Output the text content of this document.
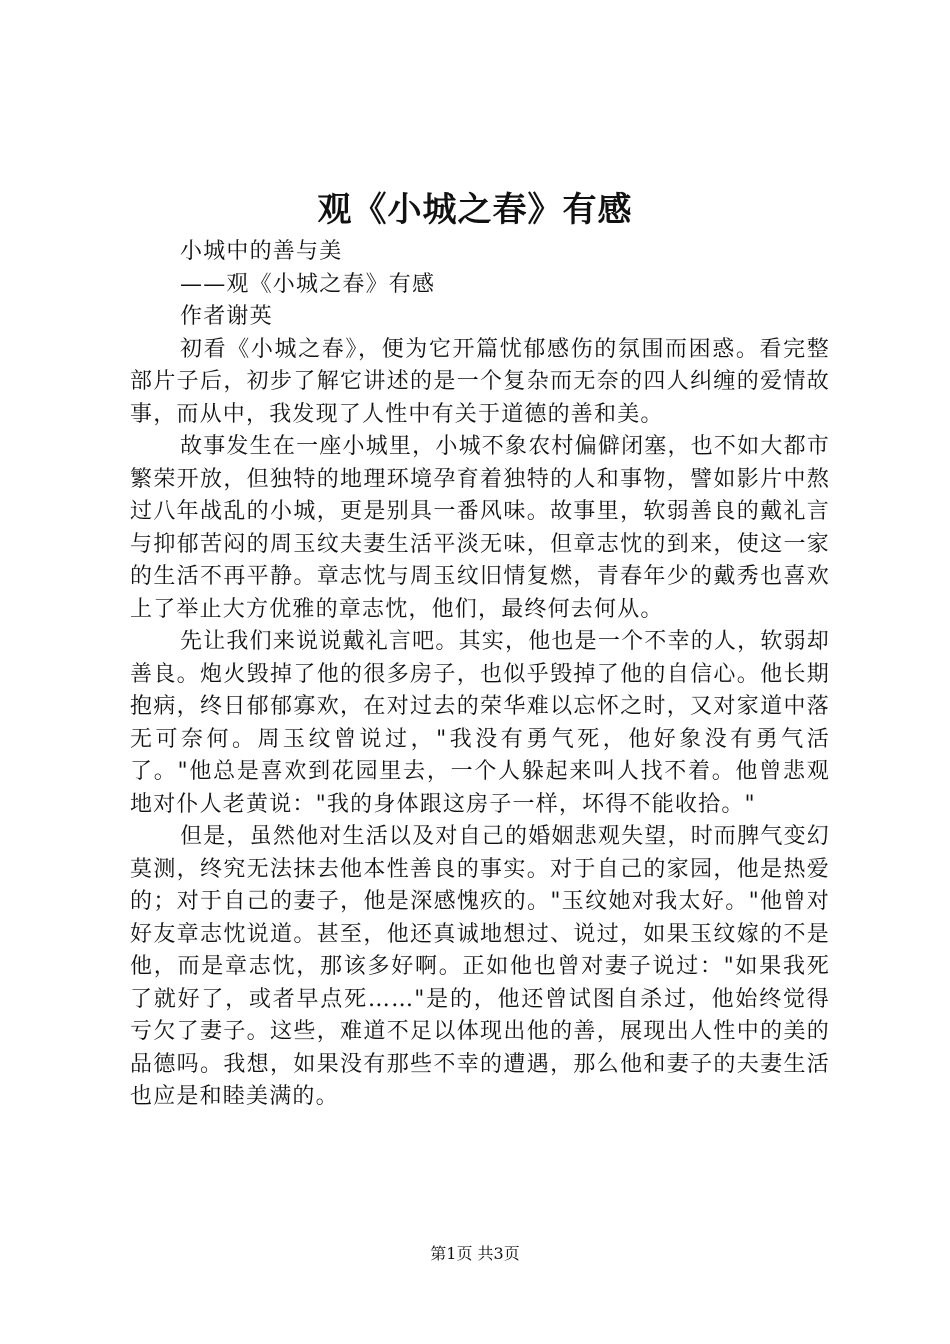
观《小城之春》有感

小城中的善与美

——观《小城之春》有感

作者谢英

初看《小城之春》，便为它开篇忧郁感伤的氛围而困惑。看完整部片子后，初步了解它讲述的是一个复杂而无奈的四人纠缠的爱情故事，而从中，我发现了人性中有关于道德的善和美。

故事发生在一座小城里，小城不象农村偏僻闭塞，也不如大都市繁荣开放，但独特的地理环境孕育着独特的人和事物，譬如影片中熬过八年战乱的小城，更是别具一番风味。故事里，软弱善良的戴礼言与抑郁苦闷的周玉纹夫妻生活平淡无味，但章志忱的到来，使这一家的生活不再平静。章志忱与周玉纹旧情复燃，青春年少的戴秀也喜欢上了举止大方优雅的章志忱，他们，最终何去何从。

先让我们来说说戴礼言吧。其实，他也是一个不幸的人，软弱却善良。炮火毁掉了他的很多房子，也似乎毁掉了他的自信心。他长期抱病，终日郁郁寡欢，在对过去的荣华难以忘怀之时，又对家道中落无可奈何。周玉纹曾说过，"我没有勇气死，他好象没有勇气活了。"他总是喜欢到花园里去，一个人躲起来叫人找不着。他曾悲观地对仆人老黄说："我的身体跟这房子一样，坏得不能收拾。"

但是，虽然他对生活以及对自己的婚姻悲观失望，时而脾气变幻莫测，终究无法抹去他本性善良的事实。对于自己的家园，他是热爱的；对于自己的妻子，他是深感愧疚的。"玉纹她对我太好。"他曾对好友章志忱说道。甚至，他还真诚地想过、说过，如果玉纹嫁的不是他，而是章志忱，那该多好啊。正如他也曾对妻子说过："如果我死了就好了，或者早点死……"是的，他还曾试图自杀过，他始终觉得亏欠了妻子。这些，难道不足以体现出他的善，展现出人性中的美的品德吗。我想，如果没有那些不幸的遭遇，那么他和妻子的夫妻生活也应是和睦美满的。

第1页 共3页
